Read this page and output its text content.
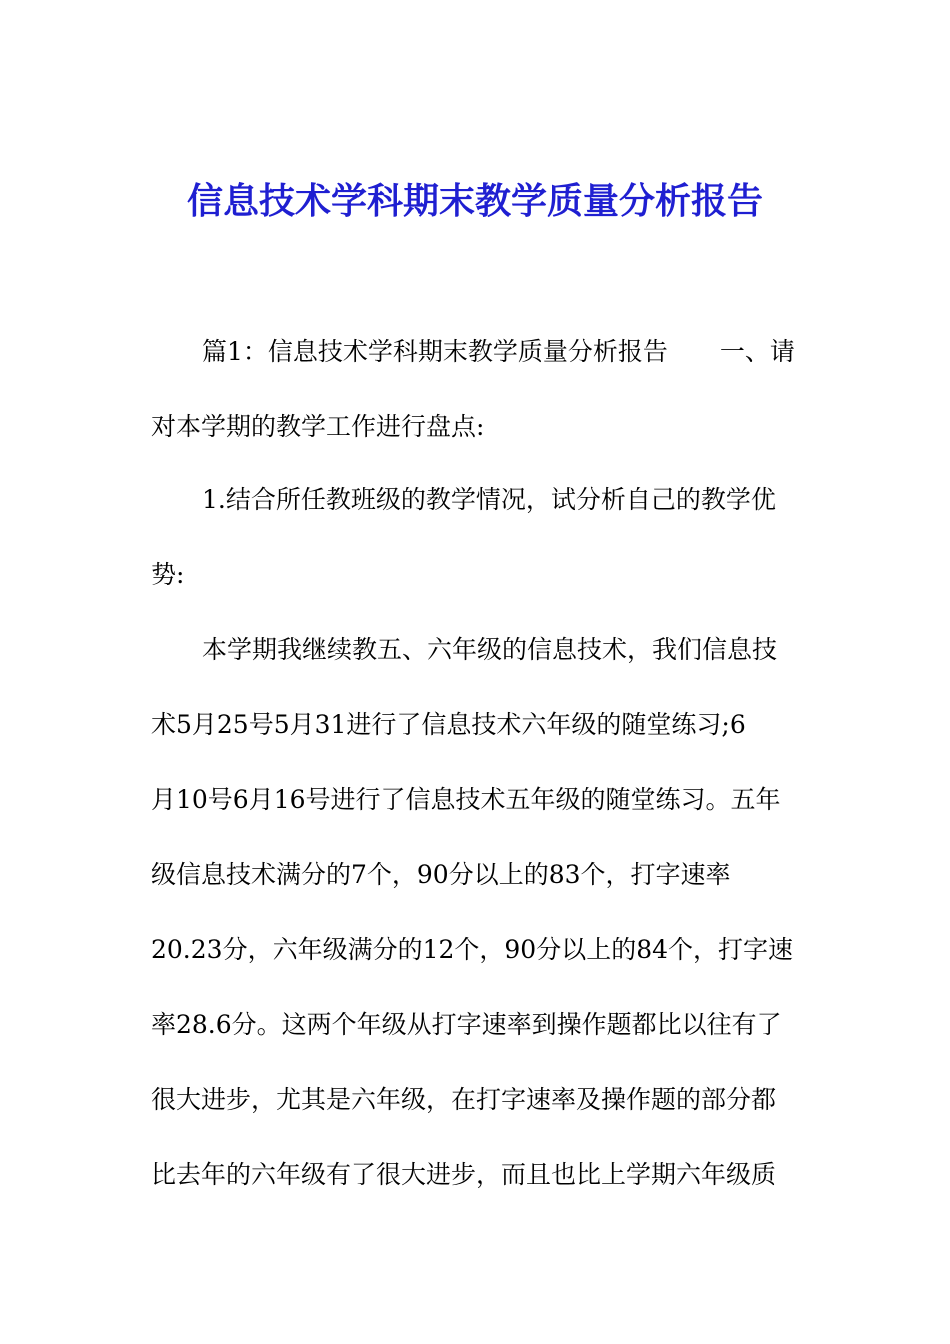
信息技术学科期末教学质量分析报告

篇1：信息技术学科期末教学质量分析报告 一、请

对本学期的教学工作进行盘点:

1.结合所任教班级的教学情况，试分析自己的教学优

势:

本学期我继续教五、六年级的信息技术，我们信息技

术5月25号5月31进行了信息技术六年级的随堂练习;6

月10号6月16号进行了信息技术五年级的随堂练习。五年

级信息技术满分的7个，90分以上的83个，打字速率

20.23分，六年级满分的12个，90分以上的84个，打字速

率28.6分。这两个年级从打字速率到操作题都比以往有了

很大进步，尤其是六年级，在打字速率及操作题的部分都

比去年的六年级有了很大进步，而且也比上学期六年级质
